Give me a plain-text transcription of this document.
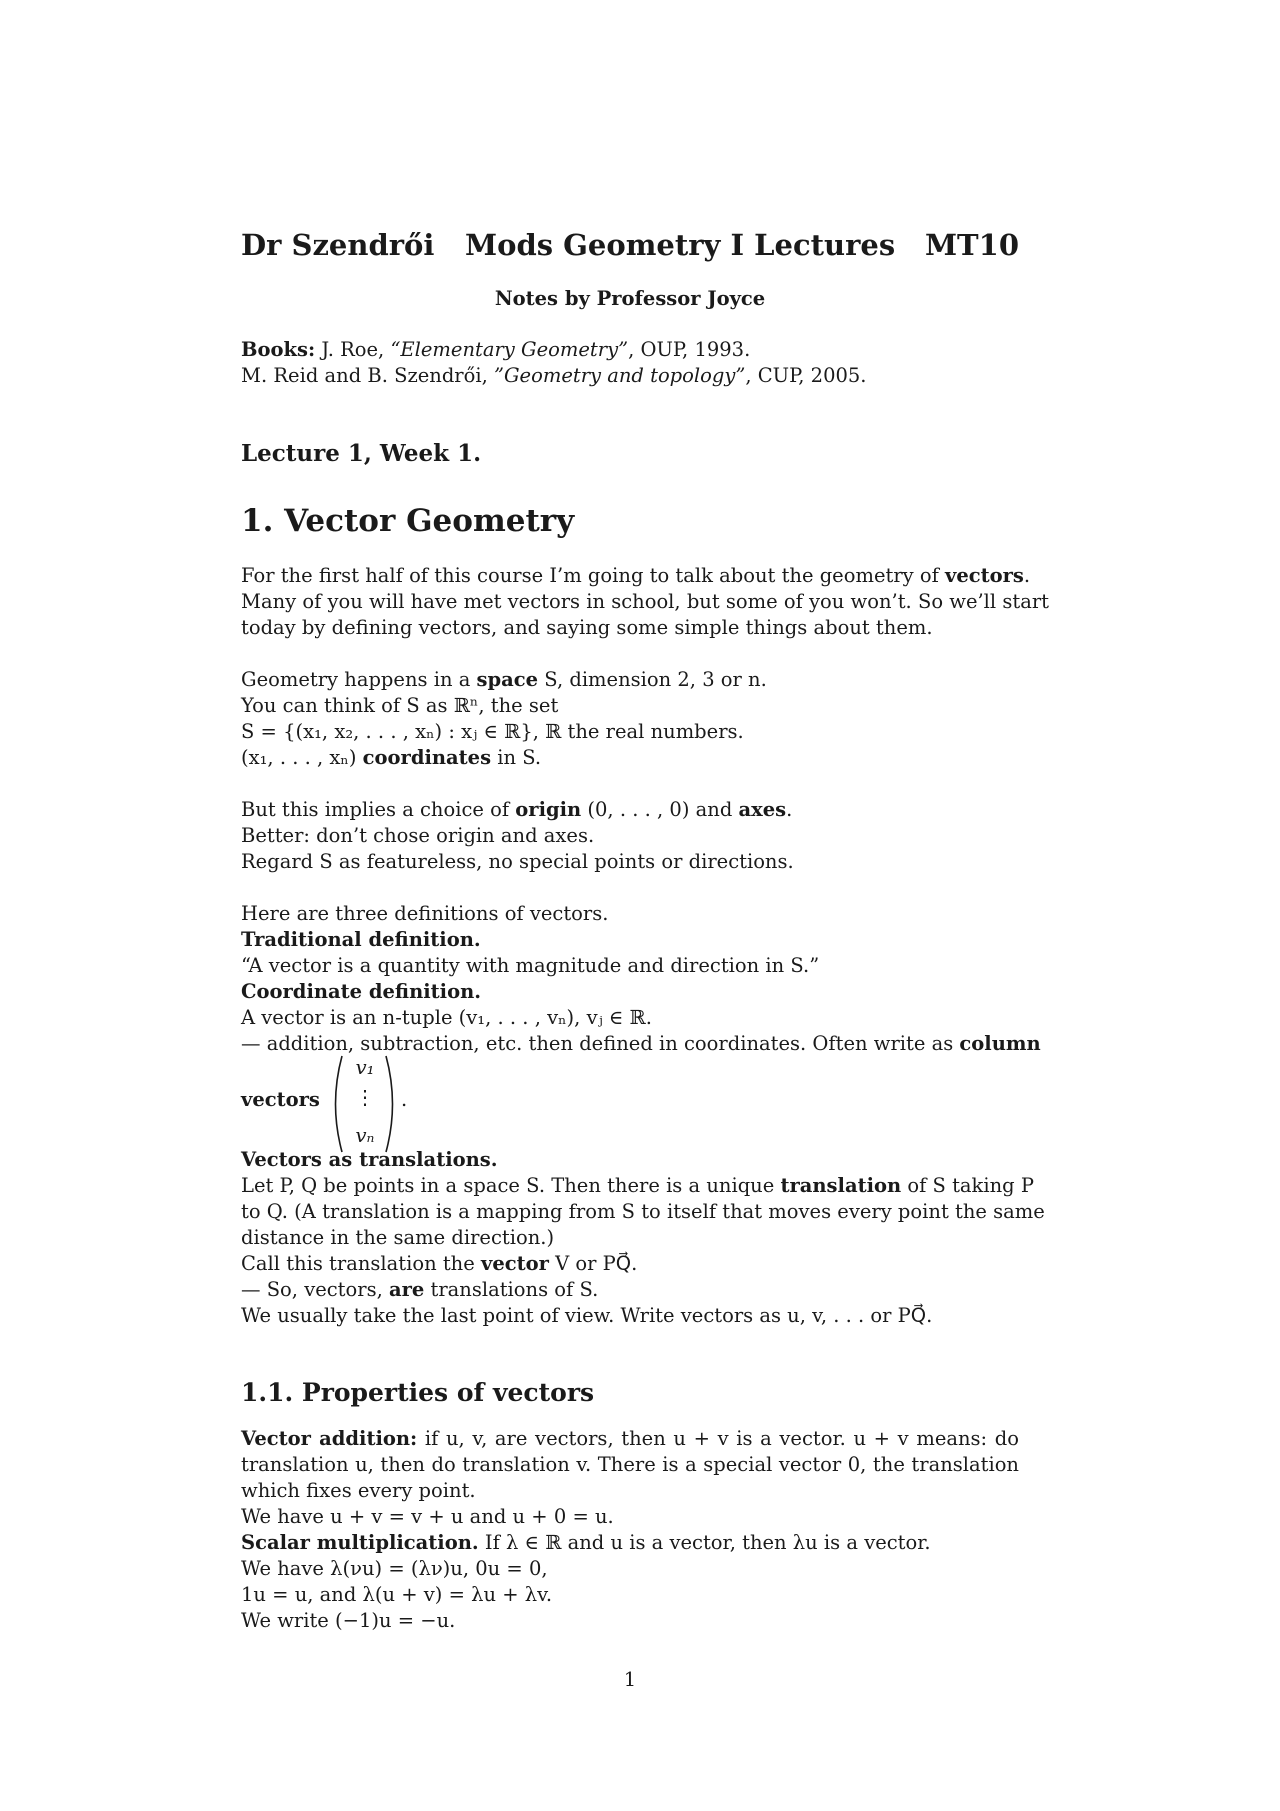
Dr Szendrői Mods Geometry I Lectures MT10
Notes by Professor Joyce
Books: J. Roe, “Elementary Geometry”, OUP, 1993.
M. Reid and B. Szendrői, ”Geometry and topology”, CUP, 2005.
Lecture 1, Week 1.
1. Vector Geometry
For the first half of this course I’m going to talk about the geometry of vectors.
Many of you will have met vectors in school, but some of you won’t. So we’ll start
today by defining vectors, and saying some simple things about them.
Geometry happens in a space S, dimension 2, 3 or n.
You can think of S as ℝⁿ, the set
S = {(x₁, x₂, . . . , xₙ) : xⱼ ∈ ℝ}, ℝ the real numbers.
(x₁, . . . , xₙ) coordinates in S.
But this implies a choice of origin (0, . . . , 0) and axes.
Better: don’t chose origin and axes.
Regard S as featureless, no special points or directions.
Here are three definitions of vectors.
Traditional definition.
“A vector is a quantity with magnitude and direction in S.”
Coordinate definition.
A vector is an n-tuple (v₁, . . . , vₙ), vⱼ ∈ ℝ.
— addition, subtraction, etc. then defined in coordinates. Often write as column
vectors
v₁
⋮
vₙ
.
Vectors as translations.
Let P, Q be points in a space S. Then there is a unique translation of S taking P
to Q. (A translation is a mapping from S to itself that moves every point the same
distance in the same direction.)
Call this translation the vector V or PQ⃗.
— So, vectors, are translations of S.
We usually take the last point of view. Write vectors as u, v, . . . or PQ⃗.
1.1. Properties of vectors
Vector addition: if u, v, are vectors, then u + v is a vector. u + v means: do
translation u, then do translation v. There is a special vector 0, the translation
which fixes every point.
We have u + v = v + u and u + 0 = u.
Scalar multiplication. If λ ∈ ℝ and u is a vector, then λu is a vector.
We have λ(νu) = (λν)u, 0u = 0,
1u = u, and λ(u + v) = λu + λv.
We write (−1)u = −u.
1
